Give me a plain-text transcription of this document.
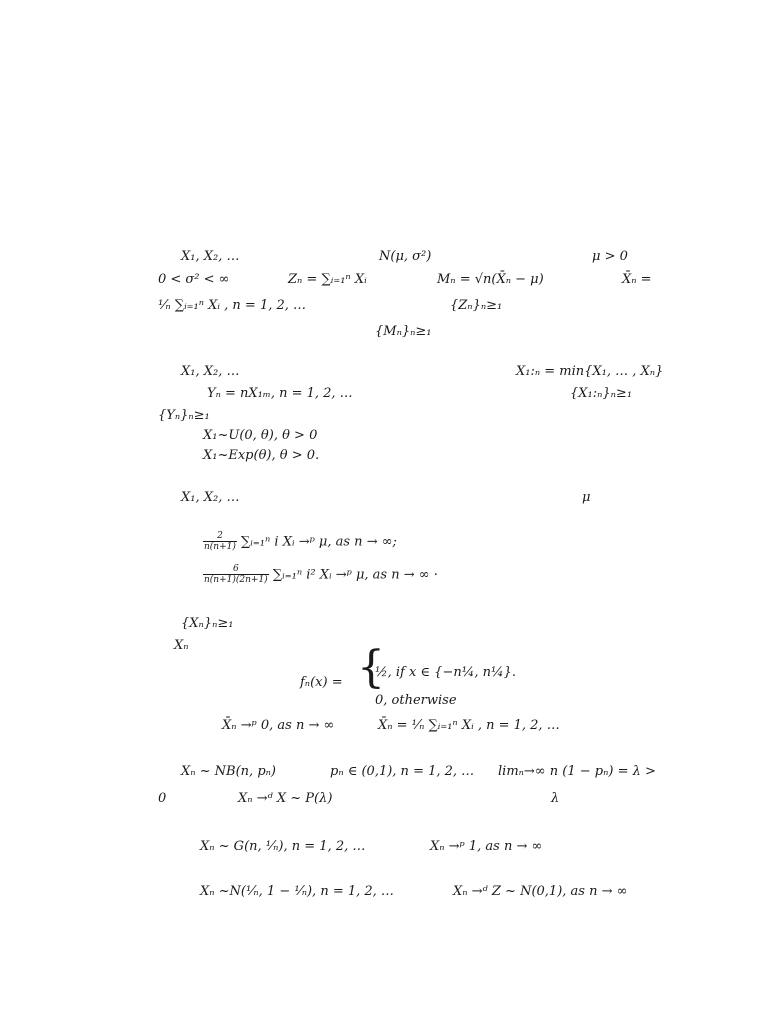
X₁, X₂, …	N(μ, σ²)	μ > 0
0 < σ² < ∞	Zₙ = ∑ᵢ₌₁ⁿ Xᵢ	Mₙ = √n(X̄ₙ − μ)	X̄ₙ =
¹⁄ₙ ∑ᵢ₌₁ⁿ Xᵢ , n = 1, 2, …	{Zₙ}ₙ≥₁
{Mₙ}ₙ≥₁
X₁, X₂, …	X₁:ₙ = min{X₁, … , Xₙ}
Yₙ = nX₁ₘ, n = 1, 2, …	{X₁:ₙ}ₙ≥₁
{Yₙ}ₙ≥₁
X₁~U(0, θ), θ > 0
X₁~Exp(θ), θ > 0.
X₁, X₂, …	μ
$\frac{2}{n(n+1)}$ ∑ᵢ₌₁ⁿ i Xᵢ →ᵖ μ, as n → ∞;
$\frac{6}{n(n+1)(2n+1)}$ ∑ᵢ₌₁ⁿ i² Xᵢ →ᵖ μ, as n → ∞ ·
{Xₙ}ₙ≥₁
Xₙ
fₙ(x) = {
½, if x ∈ {−n¼, n¼}.
0, otherwise
X̄ₙ →ᵖ 0, as n → ∞	X̄ₙ = ¹⁄ₙ ∑ᵢ₌₁ⁿ Xᵢ , n = 1, 2, …
Xₙ ~ NB(n, pₙ)	pₙ ∈ (0,1), n = 1, 2, … limₙ→∞ n (1 − pₙ) = λ >
0	Xₙ →ᵈ X ~ P(λ)	λ
Xₙ ~ G(n, ¹⁄ₙ), n = 1, 2, …	Xₙ →ᵖ 1, as n → ∞
Xₙ ~N(¹⁄ₙ, 1 − ¹⁄ₙ), n = 1, 2, …	Xₙ →ᵈ Z ~ N(0,1), as n → ∞
